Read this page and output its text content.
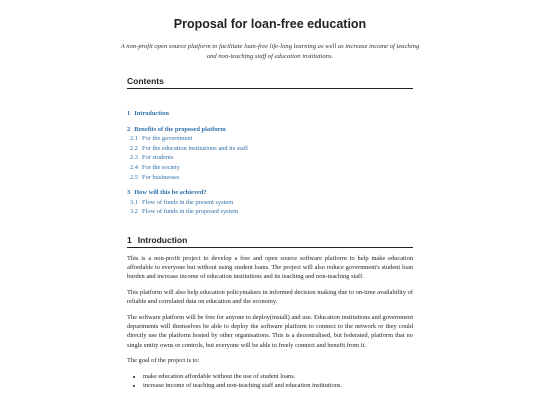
Proposal for loan-free education
A non-profit open source platform to facilitate loan-free life-long learning as well as increase income of teaching and non-teaching staff of education institutions.
Contents
1 Introduction
2 Benefits of the proposed platform
2.1 For the government
2.2 For the education institutions and its staff
2.3 For students
2.4 For the society
2.5 For businesses
3 How will this be achieved?
3.1 Flow of funds in the present system
3.2 Flow of funds in the proposed system
1 Introduction

This is a non-profit project to develop a free and open source software platform to help make education affordable to everyone but without using student loans. The project will also reduce government's student loan burden and increase income of education institutions and its teaching and non-teaching staff.

This platform will also help education policymakers in informed decision making due to on-time availability of reliable and correlated data on education and the economy.

The software platform will be free for anyone to deploy(install) and use. Education institutions and government departments will themselves be able to deploy the software platform to connect to the network or they could directly use the platform hosted by other organisations. This is a decentralised, but federated, platform that no single entity owns or controls, but everyone will be able to freely connect and benefit from it.

The goal of the project is to:

• make education affordable without the use of student loans.
• increase income of teaching and non-teaching staff and education institutions.
